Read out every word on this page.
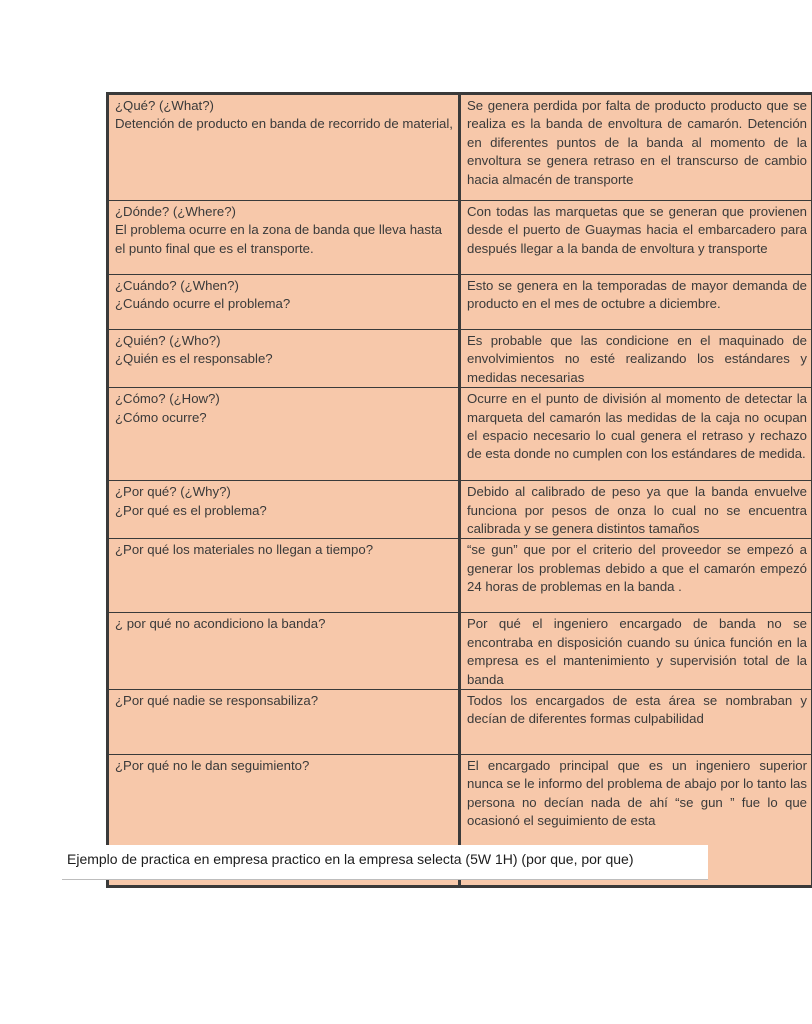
¿Qué? (¿What?)
Detención de producto en banda de recorrido de material,	Se genera perdida por falta de producto producto que se realiza es la banda de envoltura de camarón. Detención en diferentes puntos de la banda al momento de la envoltura se genera retraso en el transcurso de cambio hacia almacén de transporte

¿Dónde? (¿Where?)
El problema ocurre en la zona de banda que lleva hasta el punto final que es el transporte.	Con todas las marquetas que se generan que provienen desde el puerto de Guaymas hacia el embarcadero para después llegar a la banda de envoltura y transporte

¿Cuándo? (¿When?)
¿Cuándo ocurre el problema?	Esto se genera en la temporadas de mayor demanda de producto en el mes de octubre a diciembre.

¿Quién? (¿Who?)
¿Quién es el responsable?	Es probable que las condicione en el maquinado de envolvimientos no esté realizando los estándares y medidas necesarias

¿Cómo? (¿How?)
¿Cómo ocurre?	Ocurre en el punto de división al momento de detectar la marqueta del camarón las medidas de la caja no ocupan el espacio necesario lo cual genera el retraso y rechazo de esta donde no cumplen con los estándares de medida.

¿Por qué? (¿Why?)
¿Por qué es el problema?	Debido al calibrado de peso ya que la banda envuelve funciona por pesos de onza lo cual no se encuentra calibrada y se genera distintos tamaños

¿Por qué los materiales no llegan a tiempo?	“se gun” que por el criterio del proveedor se empezó a generar los problemas debido a que el camarón empezó 24 horas de problemas en la banda .

¿ por qué no acondiciono la banda?	Por qué el ingeniero encargado de banda no se encontraba en disposición cuando su única función en la empresa es el mantenimiento y supervisión total de la banda

¿Por qué nadie se responsabiliza?	Todos los encargados de esta área se nombraban y decían de diferentes formas culpabilidad

¿Por qué no le dan seguimiento?	El encargado principal que es un ingeniero superior nunca se le informo del problema de abajo por lo tanto las persona no decían nada de ahí “se gun ” fue lo que ocasionó el seguimiento de esta
Ejemplo de practica en empresa practico en la empresa selecta (5W 1H) (por que, por que)
